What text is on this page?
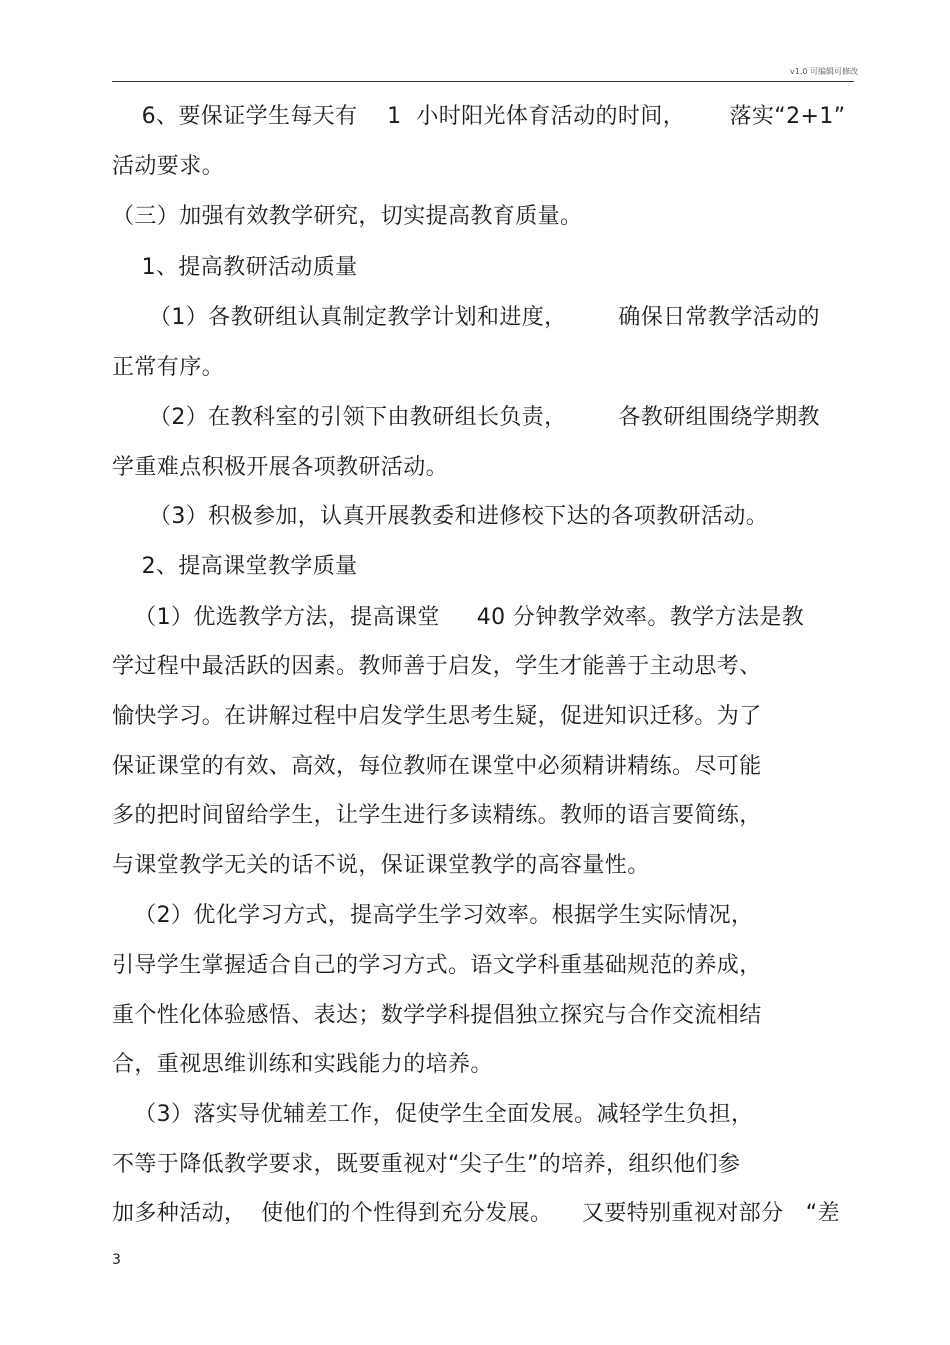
v1.0 可编辑可修改
6、要保证学生每天有    1  小时阳光体育活动的时间，      落实“2+1”
活动要求。
（三）加强有效教学研究，切实提高教育质量。
1、提高教研活动质量
（1）各教研组认真制定教学计划和进度，       确保日常教学活动的
正常有序。
（2）在教科室的引领下由教研组长负责，       各教研组围绕学期教
学重难点积极开展各项教研活动。
（3）积极参加，认真开展教委和进修校下达的各项教研活动。
2、提高课堂教学质量
（1）优选教学方法，提高课堂     40 分钟教学效率。教学方法是教
学过程中最活跃的因素。教师善于启发，学生才能善于主动思考、
愉快学习。在讲解过程中启发学生思考生疑，促进知识迁移。为了
保证课堂的有效、高效，每位教师在课堂中必须精讲精练。尽可能
多的把时间留给学生，让学生进行多读精练。教师的语言要简练，
与课堂教学无关的话不说，保证课堂教学的高容量性。
（2）优化学习方式，提高学生学习效率。根据学生实际情况，
引导学生掌握适合自己的学习方式。语文学科重基础规范的养成，
重个性化体验感悟、表达；数学学科提倡独立探究与合作交流相结
合，重视思维训练和实践能力的培养。
（3）落实导优辅差工作，促使学生全面发展。减轻学生负担，
不等于降低教学要求，既要重视对“尖子生”的培养，组织他们参
加多种活动，  使他们的个性得到充分发展。    又要特别重视对部分   “差
3
